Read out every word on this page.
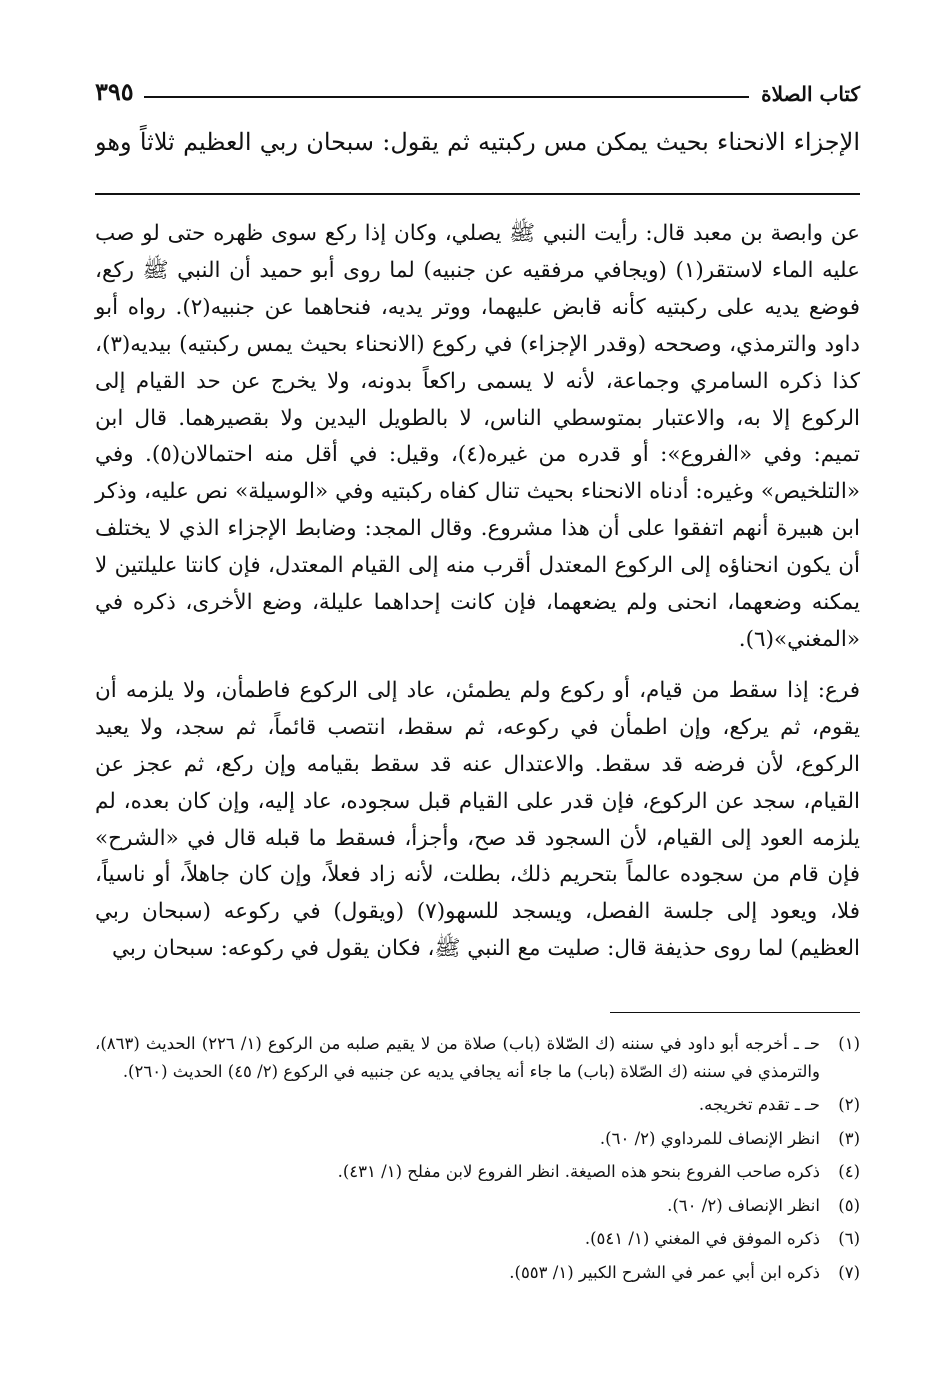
كتاب الصلاة
٣٩٥
الإجزاء الانحناء بحيث يمكن مس ركبتيه ثم يقول: سبحان ربي العظيم ثلاثاً وهو

عن وابصة بن معبد قال: رأيت النبي ﷺ يصلي، وكان إذا ركع سوى ظهره حتى لو صب عليه الماء لاستقر(١) (ويجافي مرفقيه عن جنبيه) لما روى أبو حميد أن النبي ﷺ ركع، فوضع يديه على ركبتيه كأنه قابض عليهما، ووتر يديه، فنحاهما عن جنبيه(٢). رواه أبو داود والترمذي، وصححه (وقدر الإجزاء) في ركوع (الانحناء بحيث يمس ركبتيه) بيديه(٣)، كذا ذكره السامري وجماعة، لأنه لا يسمى راكعاً بدونه، ولا يخرج عن حد القيام إلى الركوع إلا به، والاعتبار بمتوسطي الناس، لا بالطويل اليدين ولا بقصيرهما. قال ابن تميم: وفي «الفروع»: أو قدره من غيره(٤)، وقيل: في أقل منه احتمالان(٥). وفي «التلخيص» وغيره: أدناه الانحناء بحيث تنال كفاه ركبتيه وفي «الوسيلة» نص عليه، وذكر ابن هبيرة أنهم اتفقوا على أن هذا مشروع. وقال المجد: وضابط الإجزاء الذي لا يختلف أن يكون انحناؤه إلى الركوع المعتدل أقرب منه إلى القيام المعتدل، فإن كانتا عليلتين لا يمكنه وضعهما، انحنى ولم يضعهما، فإن كانت إحداهما عليلة، وضع الأخرى، ذكره في «المغني»(٦).

فرع: إذا سقط من قيام، أو ركوع ولم يطمئن، عاد إلى الركوع فاطمأن، ولا يلزمه أن يقوم، ثم يركع، وإن اطمأن في ركوعه، ثم سقط، انتصب قائماً، ثم سجد، ولا يعيد الركوع، لأن فرضه قد سقط. والاعتدال عنه قد سقط بقيامه وإن ركع، ثم عجز عن القيام، سجد عن الركوع، فإن قدر على القيام قبل سجوده، عاد إليه، وإن كان بعده، لم يلزمه العود إلى القيام، لأن السجود قد صح، وأجزأ، فسقط ما قبله قال في «الشرح» فإن قام من سجوده عالماً بتحريم ذلك، بطلت، لأنه زاد فعلاً، وإن كان جاهلاً، أو ناسياً، فلا، ويعود إلى جلسة الفصل، ويسجد للسهو(٧) (ويقول) في ركوعه (سبحان ربي العظيم) لما روى حذيفة قال: صليت مع النبي ﷺ، فكان يقول في ركوعه: سبحان ربي

(١)
حـ ـ أخرجه أبو داود في سننه (ك الصّلاة (باب) صلاة من لا يقيم صلبه من الركوع (١/ ٢٢٦) الحديث (٨٦٣)، والترمذي في سننه (ك الصّلاة (باب) ما جاء أنه يجافي يديه عن جنبيه في الركوع (٢/ ٤٥) الحديث (٢٦٠).
(٢)
حـ ـ تقدم تخريجه.
(٣)
انظر الإنصاف للمرداوي (٢/ ٦٠).
(٤)
ذكره صاحب الفروع بنحو هذه الصيغة. انظر الفروع لابن مفلح (١/ ٤٣١).
(٥)
انظر الإنصاف (٢/ ٦٠).
(٦)
ذكره الموفق في المغني (١/ ٥٤١).
(٧)
ذكره ابن أبي عمر في الشرح الكبير (١/ ٥٥٣).
